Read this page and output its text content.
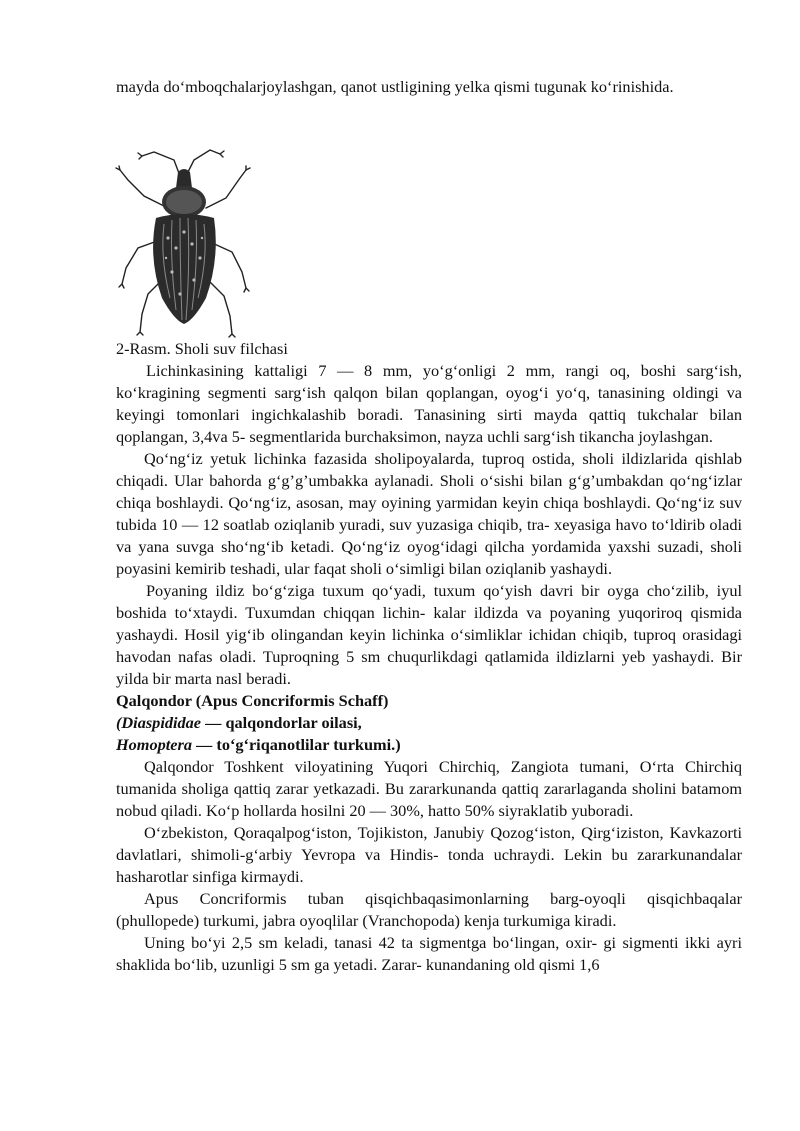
mayda do‘mboqchalarjoylashgan, qanot ustligining yelka qismi tugunak ko‘rinishida.

2-Rasm. Sholi suv filchasi

Lichinkasining kattaligi 7 — 8 mm, yo‘g‘onligi 2 mm, rangi oq, boshi sarg‘ish, ko‘kragining segmenti sarg‘ish qalqon bilan qoplangan, oyog‘i yo‘q, tanasining oldingi va keyingi tomonlari ingichkalashib boradi. Tanasining sirti mayda qattiq tukchalar bilan qoplangan, 3,4va 5- segmentlarida burchaksimon, nayza uchli sarg‘ish tikancha joylashgan.

Qo‘ng‘iz yetuk lichinka fazasida sholipoyalarda, tuproq ostida, sholi ildizlarida qishlab chiqadi. Ular bahorda g‘g’g’umbakka aylanadi. Sholi o‘sishi bilan g‘g’umbakdan qo‘ng‘izlar chiqa boshlaydi. Qo‘ng‘iz, asosan, may oyining yarmidan keyin chiqa boshlaydi. Qo‘ng‘iz suv tubida 10 — 12 soatlab oziqlanib yuradi, suv yuzasiga chiqib, tra- xeyasiga havo to‘ldirib oladi va yana suvga sho‘ng‘ib ketadi. Qo‘ng‘iz oyog‘idagi qilcha yordamida yaxshi suzadi, sholi poyasini kemirib teshadi, ular faqat sholi o‘simligi bilan oziqlanib yashaydi.

Poyaning ildiz bo‘g‘ziga tuxum qo‘yadi, tuxum qo‘yish davri bir oyga cho‘zilib, iyul boshida to‘xtaydi. Tuxumdan chiqqan lichin- kalar ildizda va poyaning yuqoriroq qismida yashaydi. Hosil yig‘ib olingandan keyin lichinka o‘simliklar ichidan chiqib, tuproq orasidagi havodan nafas oladi. Tuproqning 5 sm chuqurlikdagi qatlamida ildizlarni yeb yashaydi. Bir yilda bir marta nasl beradi.

Qalqondor (Apus Concriformis Schaff)

(Diaspididae — qalqondorlar oilasi,

Homoptera — to‘g‘riqanotlilar turkumi.)

Qalqondor Toshkent viloyatining Yuqori Chirchiq, Zangiota tumani, O‘rta Chirchiq tumanida sholiga qattiq zarar yetkazadi. Bu zararkunanda qattiq zararlaganda sholini batamom nobud qiladi. Ko‘p hollarda hosilni 20 — 30%, hatto 50% siyraklatib yuboradi.

O‘zbekiston, Qoraqalpog‘iston, Tojikiston, Janubiy Qozog‘iston, Qirg‘iziston, Kavkazorti davlatlari, shimoli-g‘arbiy Yevropa va Hindis- tonda uchraydi. Lekin bu zararkunandalar hasharotlar sinfiga kirmaydi.

Apus Concriformis tuban qisqichbaqasimonlarning barg-oyoqli qisqichbaqalar (phullopede) turkumi, jabra oyoqlilar (Vranchopoda) kenja turkumiga kiradi.

Uning bo‘yi 2,5 sm keladi, tanasi 42 ta sigmentga bo‘lingan, oxir- gi sigmenti ikki ayri shaklida bo‘lib, uzunligi 5 sm ga yetadi. Zarar- kunandaning old qismi 1,6
